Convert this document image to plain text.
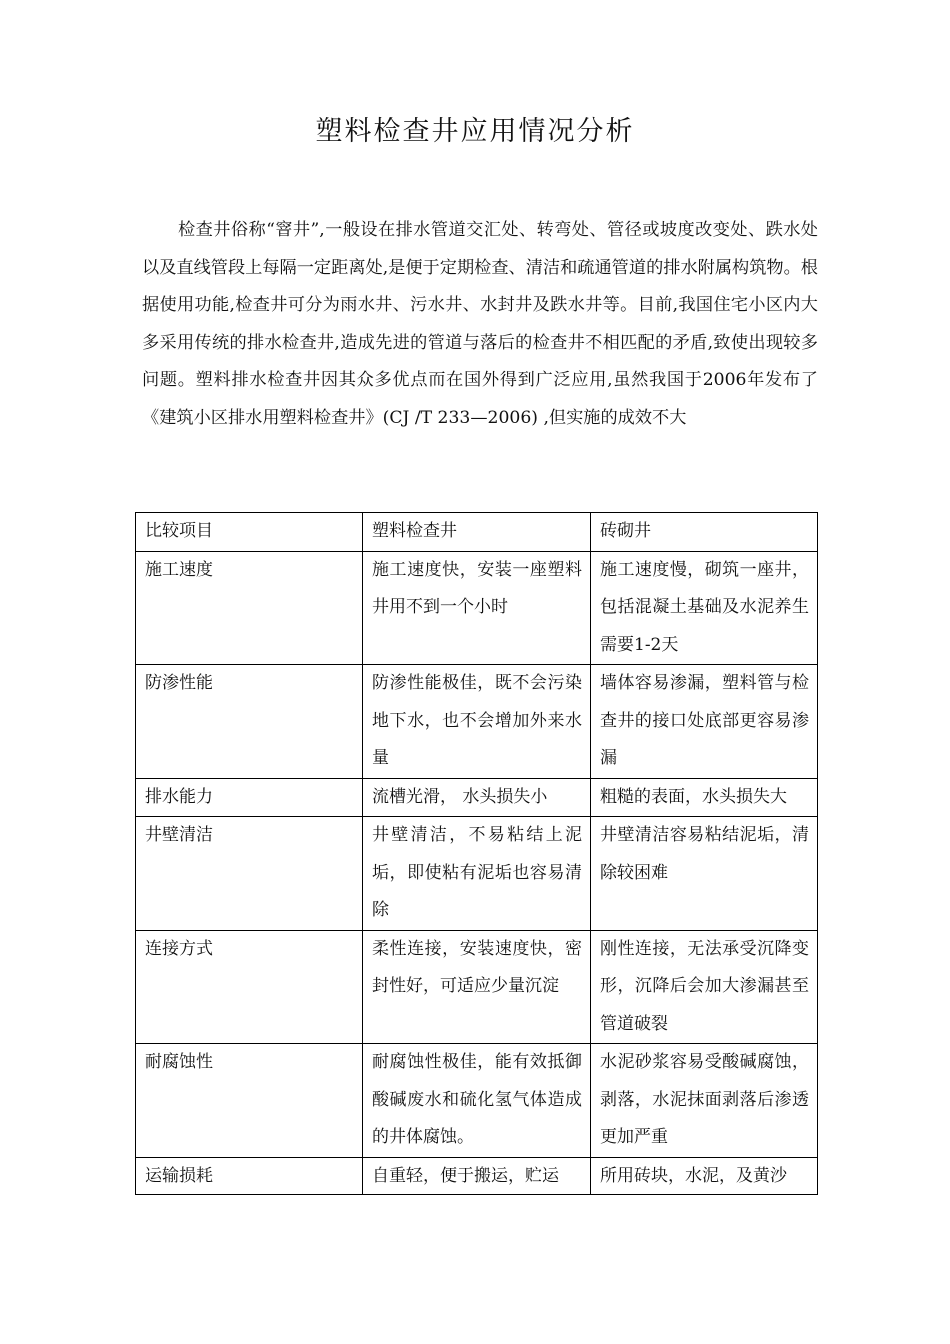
塑料检查井应用情况分析
检查井俗称“窨井”,一般设在排水管道交汇处、转弯处、管径或坡度改变处、跌水处以及直线管段上每隔一定距离处,是便于定期检查、清洁和疏通管道的排水附属构筑物。根据使用功能,检查井可分为雨水井、污水井、水封井及跌水井等。目前,我国住宅小区内大多采用传统的排水检查井,造成先进的管道与落后的检查井不相匹配的矛盾,致使出现较多问题。塑料排水检查井因其众多优点而在国外得到广泛应用,虽然我国于2006年发布了《建筑小区排水用塑料检查井》(CJ /T 233—2006) ,但实施的成效不大
比较项目	塑料检查井	砖砌井
施工速度	施工速度快，安装一座塑料井用不到一个小时	施工速度慢，砌筑一座井，包括混凝土基础及水泥养生需要1-2天
防渗性能	防渗性能极佳，既不会污染地下水，也不会增加外来水量	墙体容易渗漏，塑料管与检查井的接口处底部更容易渗漏
排水能力	流槽光滑， 水头损失小	粗糙的表面，水头损失大
井壁清洁	井壁清洁，不易粘结上泥垢，即使粘有泥垢也容易清除	井壁清洁容易粘结泥垢，清除较困难
连接方式	柔性连接，安装速度快，密封性好，可适应少量沉淀	刚性连接，无法承受沉降变形，沉降后会加大渗漏甚至管道破裂
耐腐蚀性	耐腐蚀性极佳，能有效抵御酸碱废水和硫化氢气体造成的井体腐蚀。	水泥砂浆容易受酸碱腐蚀，剥落，水泥抹面剥落后渗透更加严重

运输损耗	自重轻，便于搬运，贮运	所用砖块，水泥，及黄沙
